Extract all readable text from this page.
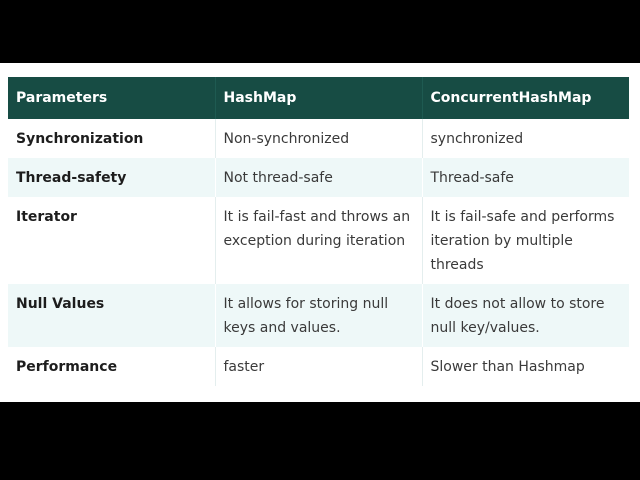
Parameters	HashMap	ConcurrentHashMap
Synchronization	Non-synchronized	synchronized
Thread-safety	Not thread-safe	Thread-safe
Iterator	It is fail-fast and throws an exception during iteration	It is fail-safe and performs iteration by multiple threads
Null Values	It allows for storing null keys and values.	It does not allow to store null key/values.
Performance	faster	Slower than Hashmap
